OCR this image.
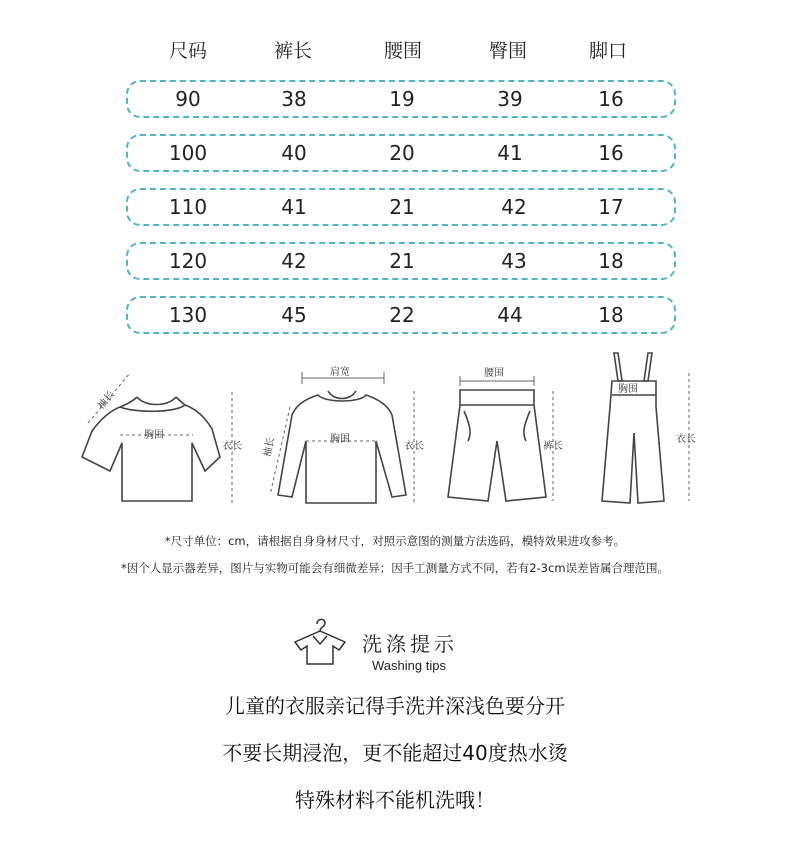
尺码	裤长	腰围	臀围	脚口
90	38	19	39	16
100	40	20	41	16
110	41	21	42	17
120	42	21	43	18
130	45	22	44	18
胸围
衣长
袖长
肩宽
胸围
衣长
袖长
腰围
裤长
胸围
衣长
*尺寸单位：cm，请根据自身身材尺寸，对照示意图的测量方法选码，模特效果进攻参考。
*因个人显示器差异，图片与实物可能会有细微差异；因手工测量方式不同，若有2-3cm误差皆属合理范围。
洗涤提示
Washing tips
儿童的衣服亲记得手洗并深浅色要分开
不要长期浸泡，更不能超过40度热水烫
特殊材料不能机洗哦！
